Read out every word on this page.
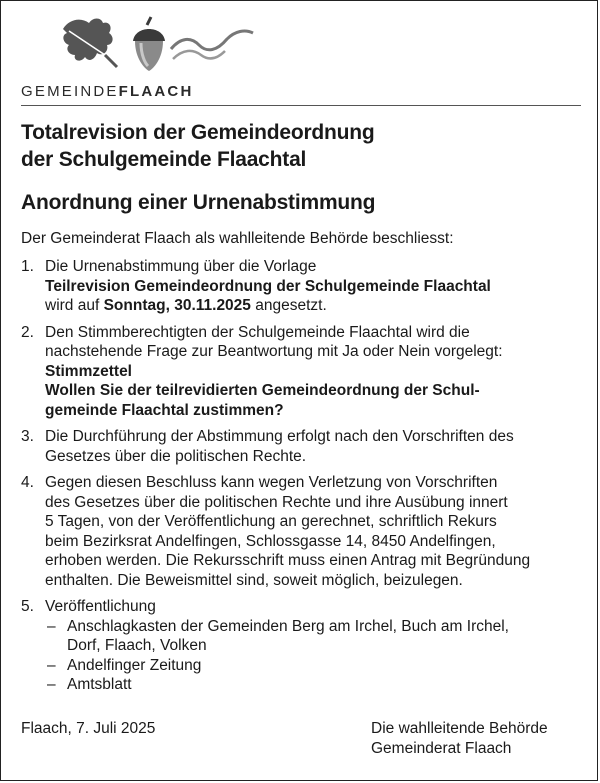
GEMEINDEFLAACH
Totalrevision der Gemeindeordnung
der Schulgemeinde Flaachtal
Anordnung einer Urnenabstimmung
Der Gemeinderat Flaach als wahlleitende Behörde beschliesst:
1. Die Urnenabstimmung über die Vorlage
Teilrevision Gemeindeordnung der Schulgemeinde Flaachtal
wird auf Sonntag, 30.11.2025 angesetzt.
2. Den Stimmberechtigten der Schulgemeinde Flaachtal wird die
nachstehende Frage zur Beantwortung mit Ja oder Nein vorgelegt:
Stimmzettel
Wollen Sie der teilrevidierten Gemeindeordnung der Schul-
gemeinde Flaachtal zustimmen?
3. Die Durchführung der Abstimmung erfolgt nach den Vorschriften des
Gesetzes über die politischen Rechte.
4. Gegen diesen Beschluss kann wegen Verletzung von Vorschriften
des Gesetzes über die politischen Rechte und ihre Ausübung innert
5 Tagen, von der Veröffentlichung an gerechnet, schriftlich Rekurs
beim Bezirksrat Andelfingen, Schlossgasse 14, 8450 Andelfingen,
erhoben werden. Die Rekursschrift muss einen Antrag mit Begründung
enthalten. Die Beweismittel sind, soweit möglich, beizulegen.
5. Veröffentlichung
– Anschlagkasten der Gemeinden Berg am Irchel, Buch am Irchel,
Dorf, Flaach, Volken
– Andelfinger Zeitung
– Amtsblatt
Flaach, 7. Juli 2025	Die wahlleitende Behörde
Gemeinderat Flaach
